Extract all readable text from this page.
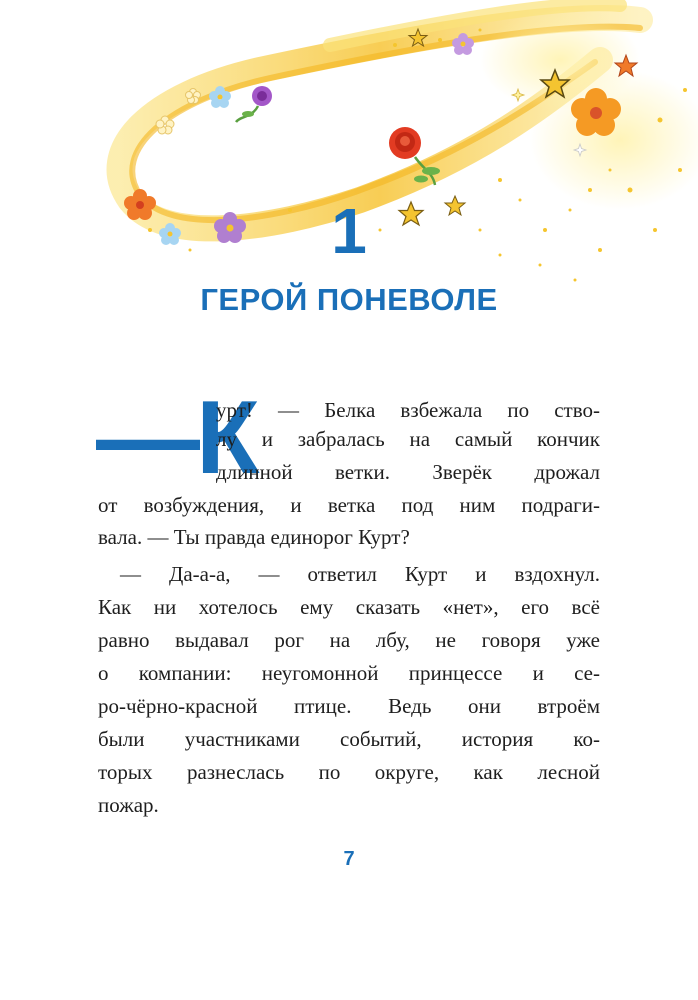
1
ГЕРОЙ ПОНЕВОЛЕ
—К
урт! — Белка взбежала по ство-
лу и забралась на самый кончик
длинной ветки. Зверёк дрожал
от возбуждения, и ветка под ним подраги-
вала. — Ты правда единорог Курт?
— Да-а-а, — ответил Курт и вздохнул.
Как ни хотелось ему сказать «нет», его всё
равно выдавал рог на лбу, не говоря уже
о компании: неугомонной принцессе и се-
ро-чёрно-красной птице. Ведь они втроём
были участниками событий, история ко-
торых разнеслась по округе, как лесной
пожар.
7
